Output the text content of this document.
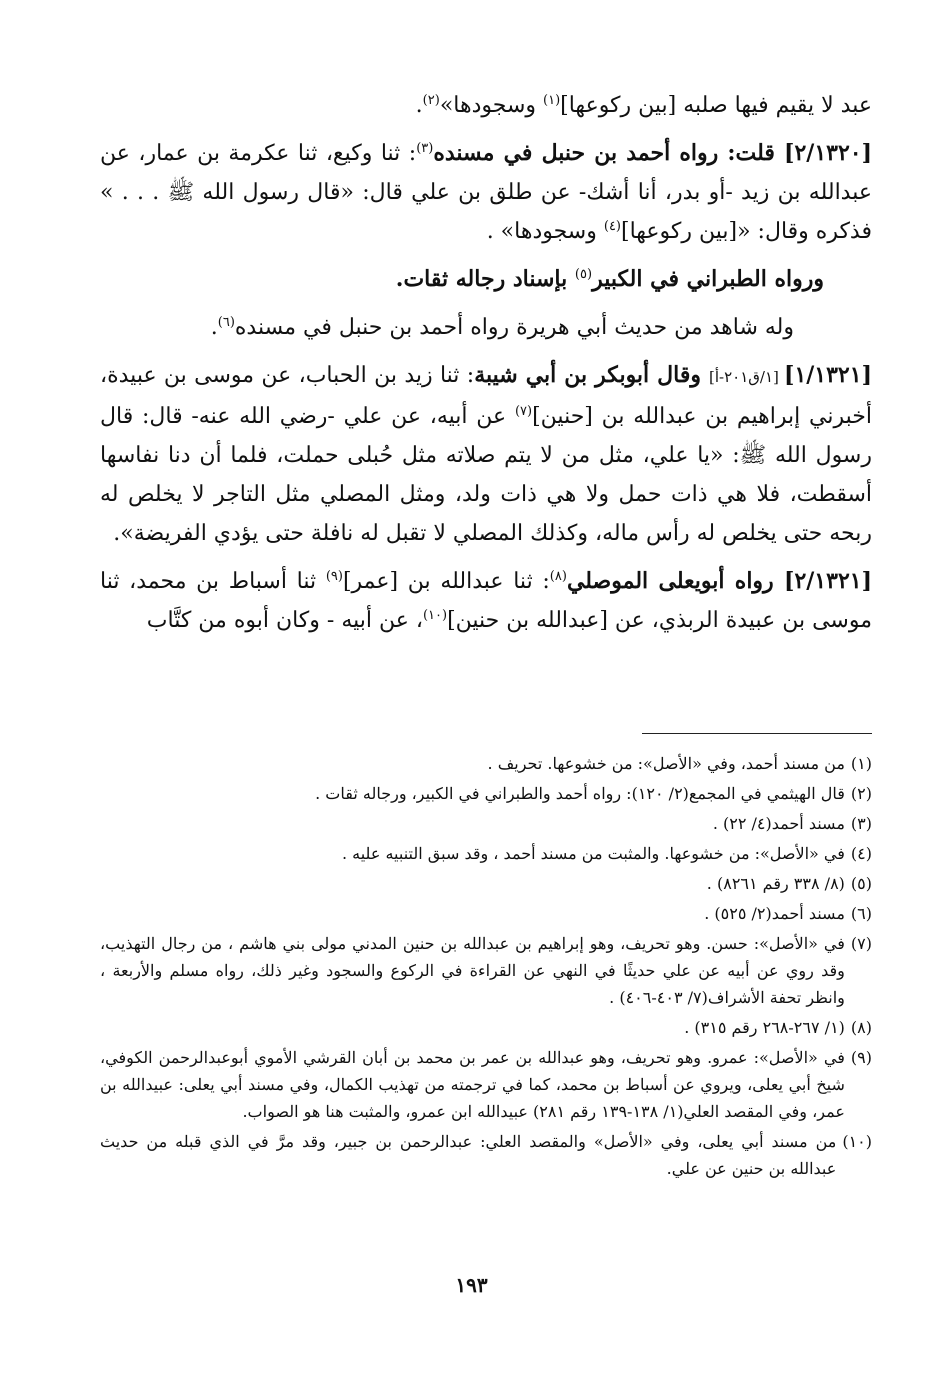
عبد لا يقيم فيها صلبه [بين ركوعها]$^{(١)}$ وسجودها»$^{(٢)}$.

[٢/١٣٢٠] قلت: رواه أحمد بن حنبل في مسنده$^{(٣)}$: ثنا وكيع، ثنا عكرمة بن عمار، عن عبدالله بن زيد -أو بدر، أنا أشك- عن طلق بن علي قال: «قال رسول الله ﷺ . . . » فذكره وقال: «[بين ركوعها]$^{(٤)}$ وسجودها» .

ورواه الطبراني في الكبير$^{(٥)}$ بإسناد رجاله ثقات.

وله شاهد من حديث أبي هريرة رواه أحمد بن حنبل في مسنده$^{(٦)}$.

[١/١٣٢١] [١/ق٢٠١-أ] وقال أبوبكر بن أبي شيبة: ثنا زيد بن الحباب، عن موسى بن عبيدة، أخبرني إبراهيم بن عبدالله بن [حنين]$^{(٧)}$ عن أبيه، عن علي -رضي الله عنه- قال: قال رسول الله ﷺ: «يا علي، مثل من لا يتم صلاته مثل حُبلى حملت، فلما أن دنا نفاسها أسقطت، فلا هي ذات حمل ولا هي ذات ولد، ومثل المصلي مثل التاجر لا يخلص له ربحه حتى يخلص له رأس ماله، وكذلك المصلي لا تقبل له نافلة حتى يؤدي الفريضة».

[٢/١٣٢١] رواه أبويعلى الموصلي$^{(٨)}$: ثنا عبدالله بن [عمر]$^{(٩)}$ ثنا أسباط بن محمد، ثنا موسى بن عبيدة الربذي، عن [عبدالله بن حنين]$^{(١٠)}$، عن أبيه - وكان أبوه من كتَّاب

(١)
من مسند أحمد، وفي «الأصل»: من خشوعها. تحريف .
(٢)
قال الهيثمي في المجمع(٢/ ١٢٠): رواه أحمد والطبراني في الكبير، ورجاله ثقات .
(٣)
مسند أحمد(٤/ ٢٢) .
(٤)
في «الأصل»: من خشوعها. والمثبت من مسند أحمد ، وقد سبق التنبيه عليه .
(٥)
(٨/ ٣٣٨ رقم ٨٢٦١) .
(٦)
مسند أحمد(٢/ ٥٢٥) .
(٧)
في «الأصل»: حسن. وهو تحريف، وهو إبراهيم بن عبدالله بن حنين المدني مولى بني هاشم ، من رجال التهذيب، وقد روي عن أبيه عن علي حديثًا في النهي عن القراءة في الركوع والسجود وغير ذلك، رواه مسلم والأربعة ، وانظر تحفة الأشراف(٧/ ٤٠٣-٤٠٦) .
(٨)
(١/ ٢٦٧-٢٦٨ رقم ٣١٥) .
(٩)
في «الأصل»: عمرو. وهو تحريف، وهو عبدالله بن عمر بن محمد بن أبان القرشي الأموي أبوعبدالرحمن الكوفي، شيخ أبي يعلى، ويروي عن أسباط بن محمد، كما في ترجمته من تهذيب الكمال، وفي مسند أبي يعلى: عبيدالله بن عمر، وفي المقصد العلي(١/ ١٣٨-١٣٩ رقم ٢٨١) عبيدالله ابن عمرو، والمثبت هنا هو الصواب.
(١٠)
من مسند أبي يعلى، وفي «الأصل» والمقصد العلي: عبدالرحمن بن جبير، وقد مرَّ في الذي قبله من حديث عبدالله بن حنين عن علي.
١٩٣
